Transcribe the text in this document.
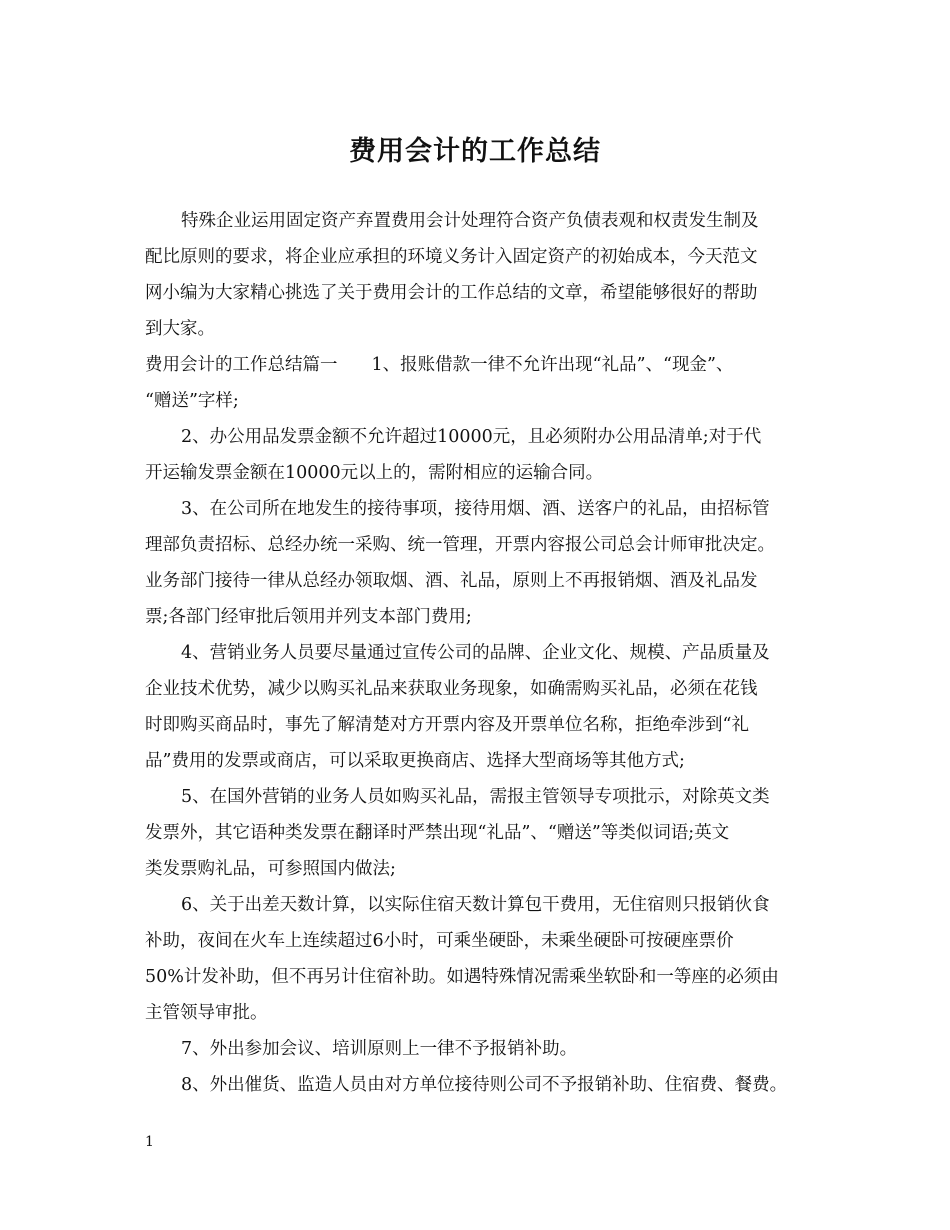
费用会计的工作总结
特殊企业运用固定资产弃置费用会计处理符合资产负债表观和权责发生制及
配比原则的要求，将企业应承担的环境义务计入固定资产的初始成本，今天范文
网小编为大家精心挑选了关于费用会计的工作总结的文章，希望能够很好的帮助
到大家。
费用会计的工作总结篇一 1、报账借款一律不允许出现“礼品”、“现金”、
“赠送”字样;
2、办公用品发票金额不允许超过10000元，且必须附办公用品清单;对于代
开运输发票金额在10000元以上的，需附相应的运输合同。
3、在公司所在地发生的接待事项，接待用烟、酒、送客户的礼品，由招标管
理部负责招标、总经办统一采购、统一管理，开票内容报公司总会计师审批决定。
业务部门接待一律从总经办领取烟、酒、礼品，原则上不再报销烟、酒及礼品发
票;各部门经审批后领用并列支本部门费用;
4、营销业务人员要尽量通过宣传公司的品牌、企业文化、规模、产品质量及
企业技术优势，减少以购买礼品来获取业务现象，如确需购买礼品，必须在花钱
时即购买商品时，事先了解清楚对方开票内容及开票单位名称，拒绝牵涉到“礼
品”费用的发票或商店，可以采取更换商店、选择大型商场等其他方式;
5、在国外营销的业务人员如购买礼品，需报主管领导专项批示，对除英文类
发票外，其它语种类发票在翻译时严禁出现“礼品”、“赠送”等类似词语;英文
类发票购礼品，可参照国内做法;
6、关于出差天数计算，以实际住宿天数计算包干费用，无住宿则只报销伙食
补助，夜间在火车上连续超过6小时，可乘坐硬卧，未乘坐硬卧可按硬座票价
50%计发补助，但不再另计住宿补助。如遇特殊情况需乘坐软卧和一等座的必须由
主管领导审批。
7、外出参加会议、培训原则上一律不予报销补助。
8、外出催货、监造人员由对方单位接待则公司不予报销补助、住宿费、餐费。
1
